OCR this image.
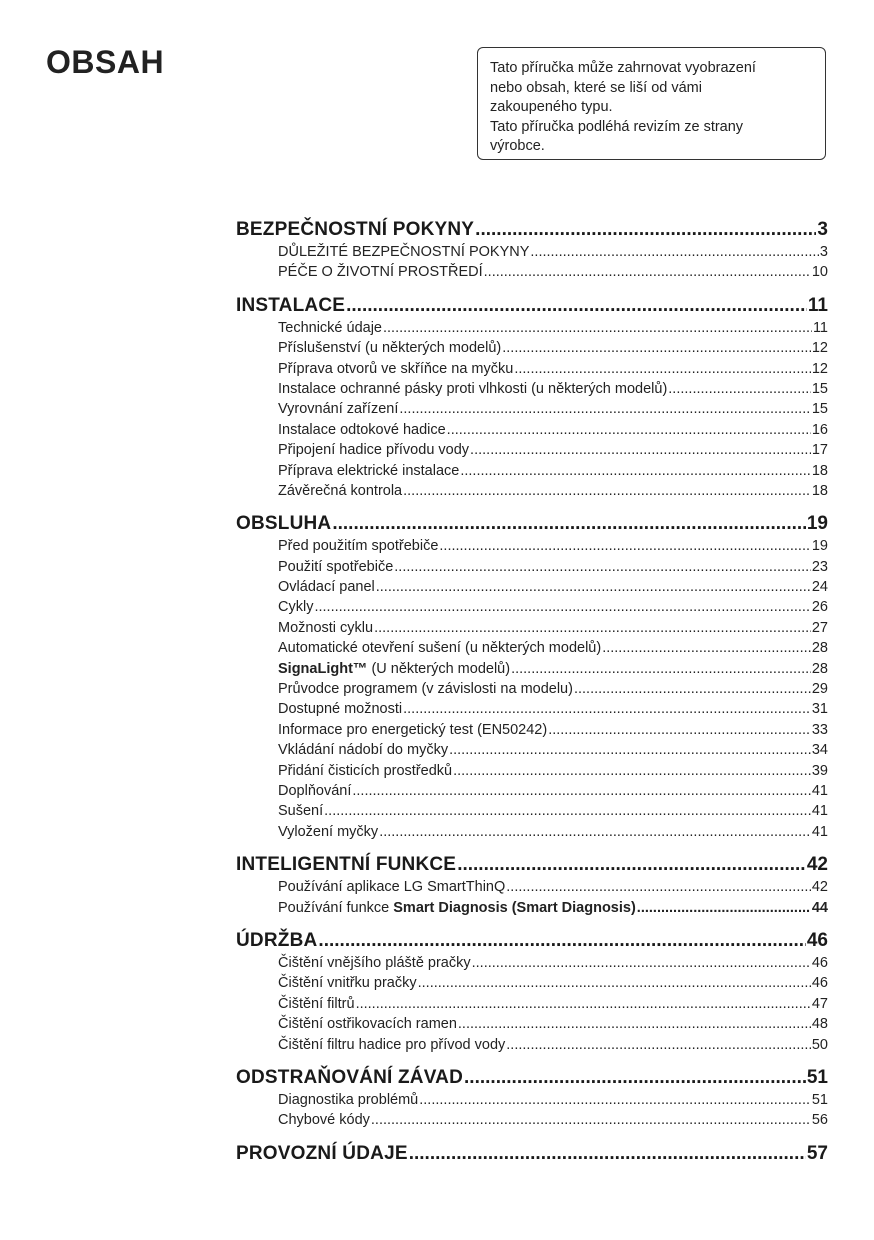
OBSAH	Tato příručka může zahrnovat vyobrazení
nebo obsah, které se liší od vámi
zakoupeného typu.
Tato příručka podléhá revizím ze strany
výrobce.
BEZPEČNOSTNÍ POKYNY .....	3
DŮLEŽITÉ BEZPEČNOSTNÍ POKYNY .....	3
PÉČE O ŽIVOTNÍ PROSTŘEDÍ .....	10
INSTALACE .....	11
Technické údaje .....	11
Příslušenství (u některých modelů) .....	12
Příprava otvorů ve skříňce na myčku .....	12
Instalace ochranné pásky proti vlhkosti (u některých modelů) .....	15
Vyrovnání zařízení .....	15
Instalace odtokové hadice .....	16
Připojení hadice přívodu vody .....	17
Příprava elektrické instalace .....	18
Závěrečná kontrola .....	18
OBSLUHA .....	19
Před použitím spotřebiče .....	19
Použití spotřebiče .....	23
Ovládací panel .....	24
Cykly .....	26
Možnosti cyklu .....	27
Automatické otevření sušení (u některých modelů) .....	28
SignaLight™ (U některých modelů) .....	28
Průvodce programem (v závislosti na modelu) .....	29
Dostupné možnosti .....	31
Informace pro energetický test (EN50242) .....	33
Vkládání nádobí do myčky .....	34
Přidání čisticích prostředků .....	39
Doplňování .....	41
Sušení .....	41
Vyložení myčky .....	41
INTELIGENTNÍ FUNKCE .....	42
Používání aplikace LG SmartThinQ .....	42
Používání funkce Smart Diagnosis (Smart Diagnosis) .....	44
ÚDRŽBA .....	46
Čištění vnějšího pláště pračky .....	46
Čištění vnitřku pračky .....	46
Čištění filtrů .....	47
Čištění ostřikovacích ramen .....	48
Čištění filtru hadice pro přívod vody .....	50
ODSTRAŇOVÁNÍ ZÁVAD .....	51
Diagnostika problémů .....	51
Chybové kódy .....	56
PROVOZNÍ ÚDAJE .....	57
